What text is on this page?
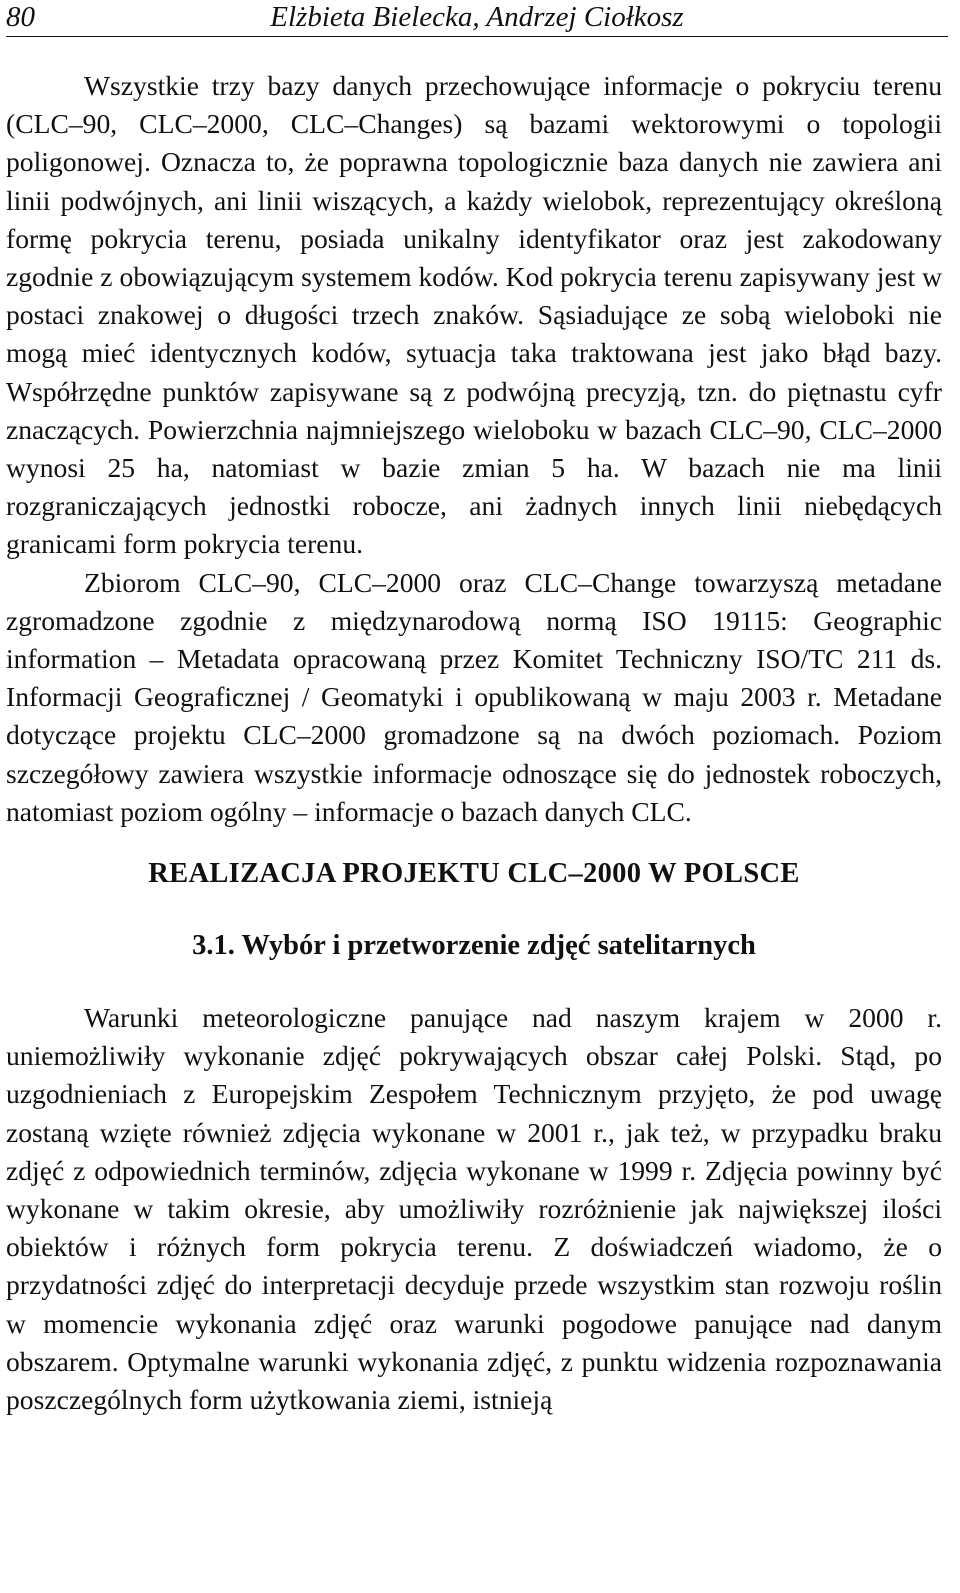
80	Elżbieta Bielecka, Andrzej Ciołkosz

Wszystkie trzy bazy danych przechowujące informacje o pokryciu terenu (CLC–90, CLC–2000, CLC–Changes) są bazami wektorowymi o topologii poligonowej. Oznacza to, że poprawna topologicznie baza danych nie zawiera ani linii podwójnych, ani linii wiszących, a każdy wielobok, reprezentujący określoną formę pokrycia terenu, posiada unikalny identyfikator oraz jest zakodowany zgodnie z obowiązującym systemem kodów. Kod pokrycia terenu zapisywany jest w postaci znakowej o długości trzech znaków. Sąsiadujące ze sobą wieloboki nie mogą mieć identycznych kodów, sytuacja taka traktowana jest jako błąd bazy. Współrzędne punktów zapisywane są z podwójną precyzją, tzn. do piętnastu cyfr znaczących. Powierzchnia najmniejszego wieloboku w bazach CLC–90, CLC–2000 wynosi 25 ha, natomiast w bazie zmian 5 ha. W bazach nie ma linii rozgraniczających jednostki robocze, ani żadnych innych linii niebędących granicami form pokrycia terenu.

Zbiorom CLC–90, CLC–2000 oraz CLC–Change towarzyszą metadane zgromadzone zgodnie z międzynarodową normą ISO 19115: Geographic information – Metadata opracowaną przez Komitet Techniczny ISO/TC 211 ds. Informacji Geograficznej / Geomatyki i opublikowaną w maju 2003 r. Metadane dotyczące projektu CLC–2000 gromadzone są na dwóch poziomach. Poziom szczegółowy zawiera wszystkie informacje odnoszące się do jednostek roboczych, natomiast poziom ogólny – informacje o bazach danych CLC.

REALIZACJA PROJEKTU CLC–2000 W POLSCE
3.1. Wybór i przetworzenie zdjęć satelitarnych

Warunki meteorologiczne panujące nad naszym krajem w 2000 r. uniemożliwiły wykonanie zdjęć pokrywających obszar całej Polski. Stąd, po uzgodnieniach z Europejskim Zespołem Technicznym przyjęto, że pod uwagę zostaną wzięte również zdjęcia wykonane w 2001 r., jak też, w przypadku braku zdjęć z odpowiednich terminów, zdjęcia wykonane w 1999 r. Zdjęcia powinny być wykonane w takim okresie, aby umożliwiły rozróżnienie jak największej ilości obiektów i różnych form pokrycia terenu. Z doświadczeń wiadomo, że o przydatności zdjęć do interpretacji decyduje przede wszystkim stan rozwoju roślin w momencie wykonania zdjęć oraz warunki pogodowe panujące nad danym obszarem. Optymalne warunki wykonania zdjęć, z punktu widzenia rozpoznawania poszczególnych form użytkowania ziemi, istnieją
